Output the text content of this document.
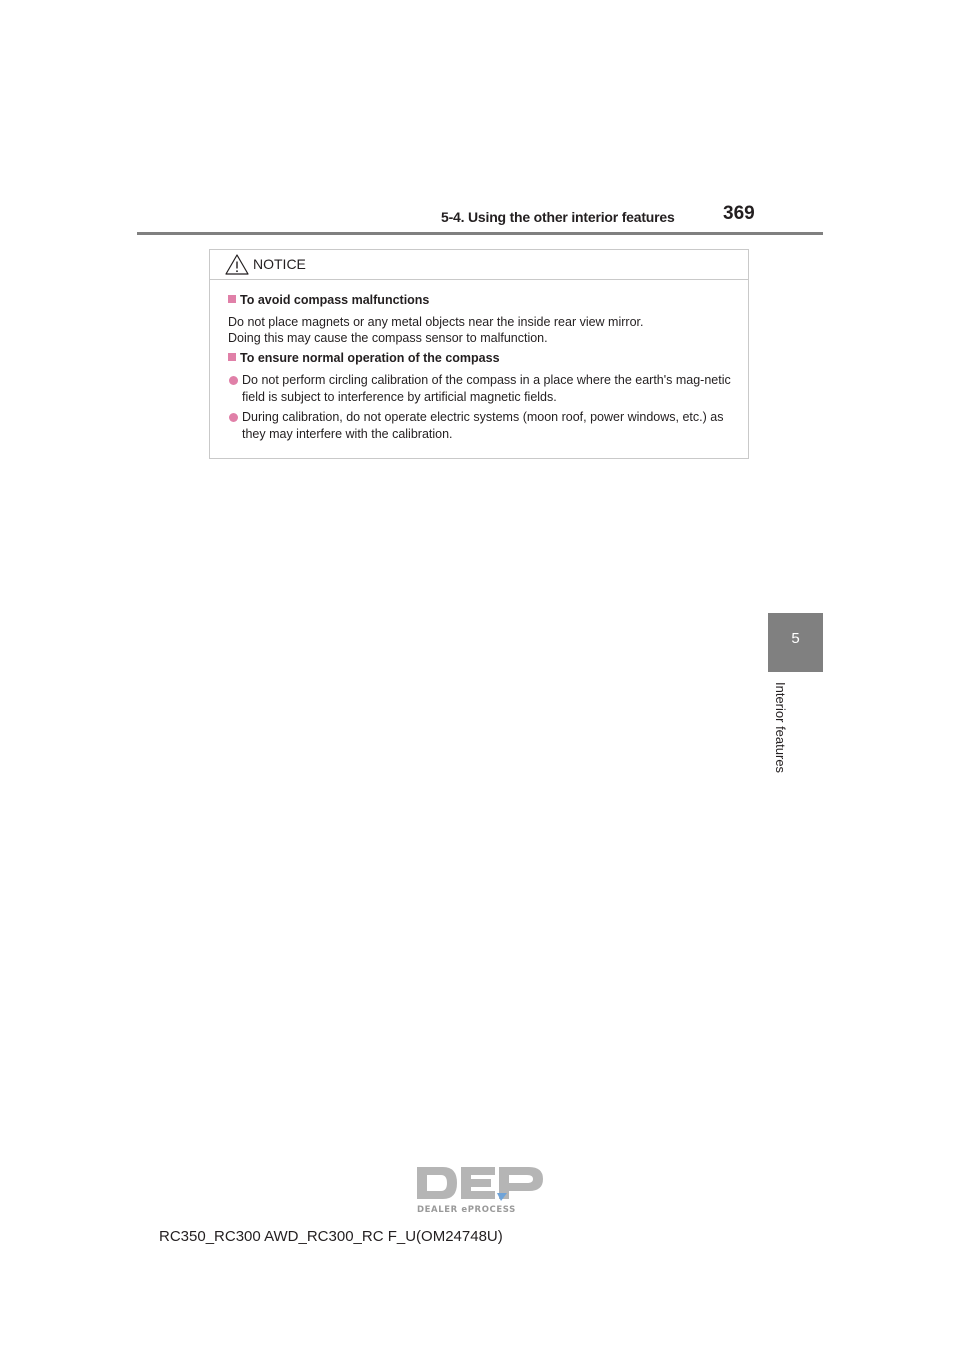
5-4. Using the other interior features	369
5
Interior features
NOTICE
To avoid compass malfunctions
Do not place magnets or any metal objects near the inside rear view mirror.
Doing this may cause the compass sensor to malfunction.
To ensure normal operation of the compass
Do not perform circling calibration of the compass in a place where the earth's mag-netic field is subject to interference by artificial magnetic fields.
During calibration, do not operate electric systems (moon roof, power windows, etc.) as they may interfere with the calibration.
DEALER ePROCESS
RC350_RC300 AWD_RC300_RC F_U(OM24748U)
